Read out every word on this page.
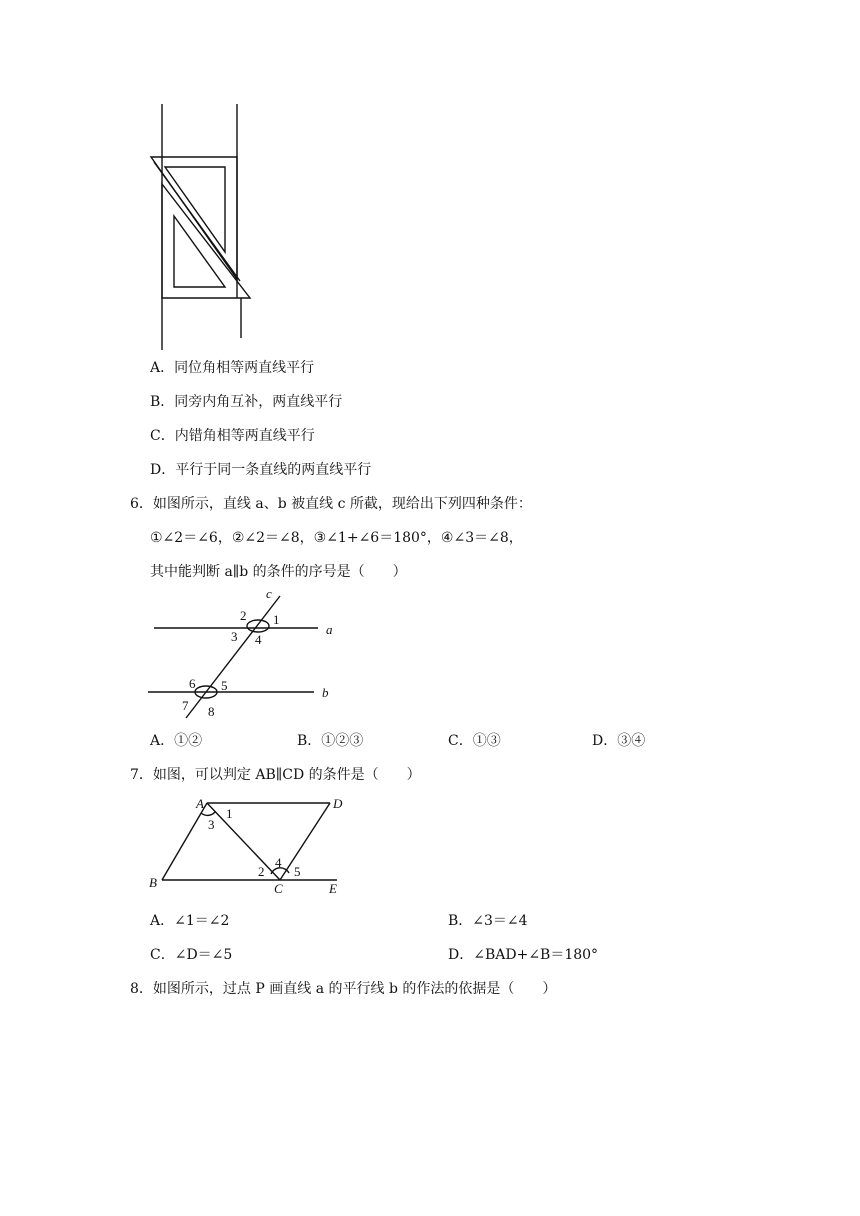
A．同位角相等两直线平行
B．同旁内角互补，两直线平行
C．内错角相等两直线平行
D．平行于同一条直线的两直线平行
6．如图所示，直线 a、b 被直线 c 所截，现给出下列四种条件：
①∠2＝∠6，②∠2＝∠8，③∠1+∠6＝180°，④∠3＝∠8，
其中能判断 a∥b 的条件的序号是（　　）
c
a
b
1
2
3 4
5
6
7 8
A．①②	B．①②③	C．①③	D．③④
7．如图，可以判定 AB∥CD 的条件是（　　）
A	D
B	C	E
1
3
2
4
5
A．∠1＝∠2	B．∠3＝∠4
C．∠D＝∠5	D．∠BAD+∠B＝180°
8．如图所示，过点 P 画直线 a 的平行线 b 的作法的依据是（　　）
